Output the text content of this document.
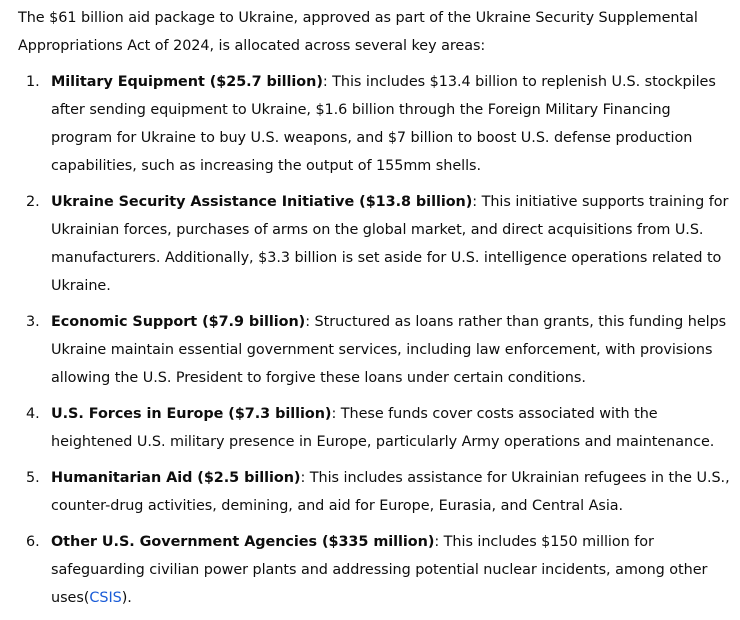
The $61 billion aid package to Ukraine, approved as part of the Ukraine Security Supplemental Appropriations Act of 2024, is allocated across several key areas:

1. Military Equipment ($25.7 billion): This includes $13.4 billion to replenish U.S. stockpiles after sending equipment to Ukraine, $1.6 billion through the Foreign Military Financing program for Ukraine to buy U.S. weapons, and $7 billion to boost U.S. defense production capabilities, such as increasing the output of 155mm shells.
2. Ukraine Security Assistance Initiative ($13.8 billion): This initiative supports training for Ukrainian forces, purchases of arms on the global market, and direct acquisitions from U.S. manufacturers. Additionally, $3.3 billion is set aside for U.S. intelligence operations related to Ukraine.
3. Economic Support ($7.9 billion): Structured as loans rather than grants, this funding helps Ukraine maintain essential government services, including law enforcement, with provisions allowing the U.S. President to forgive these loans under certain conditions.
4. U.S. Forces in Europe ($7.3 billion): These funds cover costs associated with the heightened U.S. military presence in Europe, particularly Army operations and maintenance.
5. Humanitarian Aid ($2.5 billion): This includes assistance for Ukrainian refugees in the U.S., counter-drug activities, demining, and aid for Europe, Eurasia, and Central Asia.
6. Other U.S. Government Agencies ($335 million): This includes $150 million for safeguarding civilian power plants and addressing potential nuclear incidents, among other uses(CSIS).
